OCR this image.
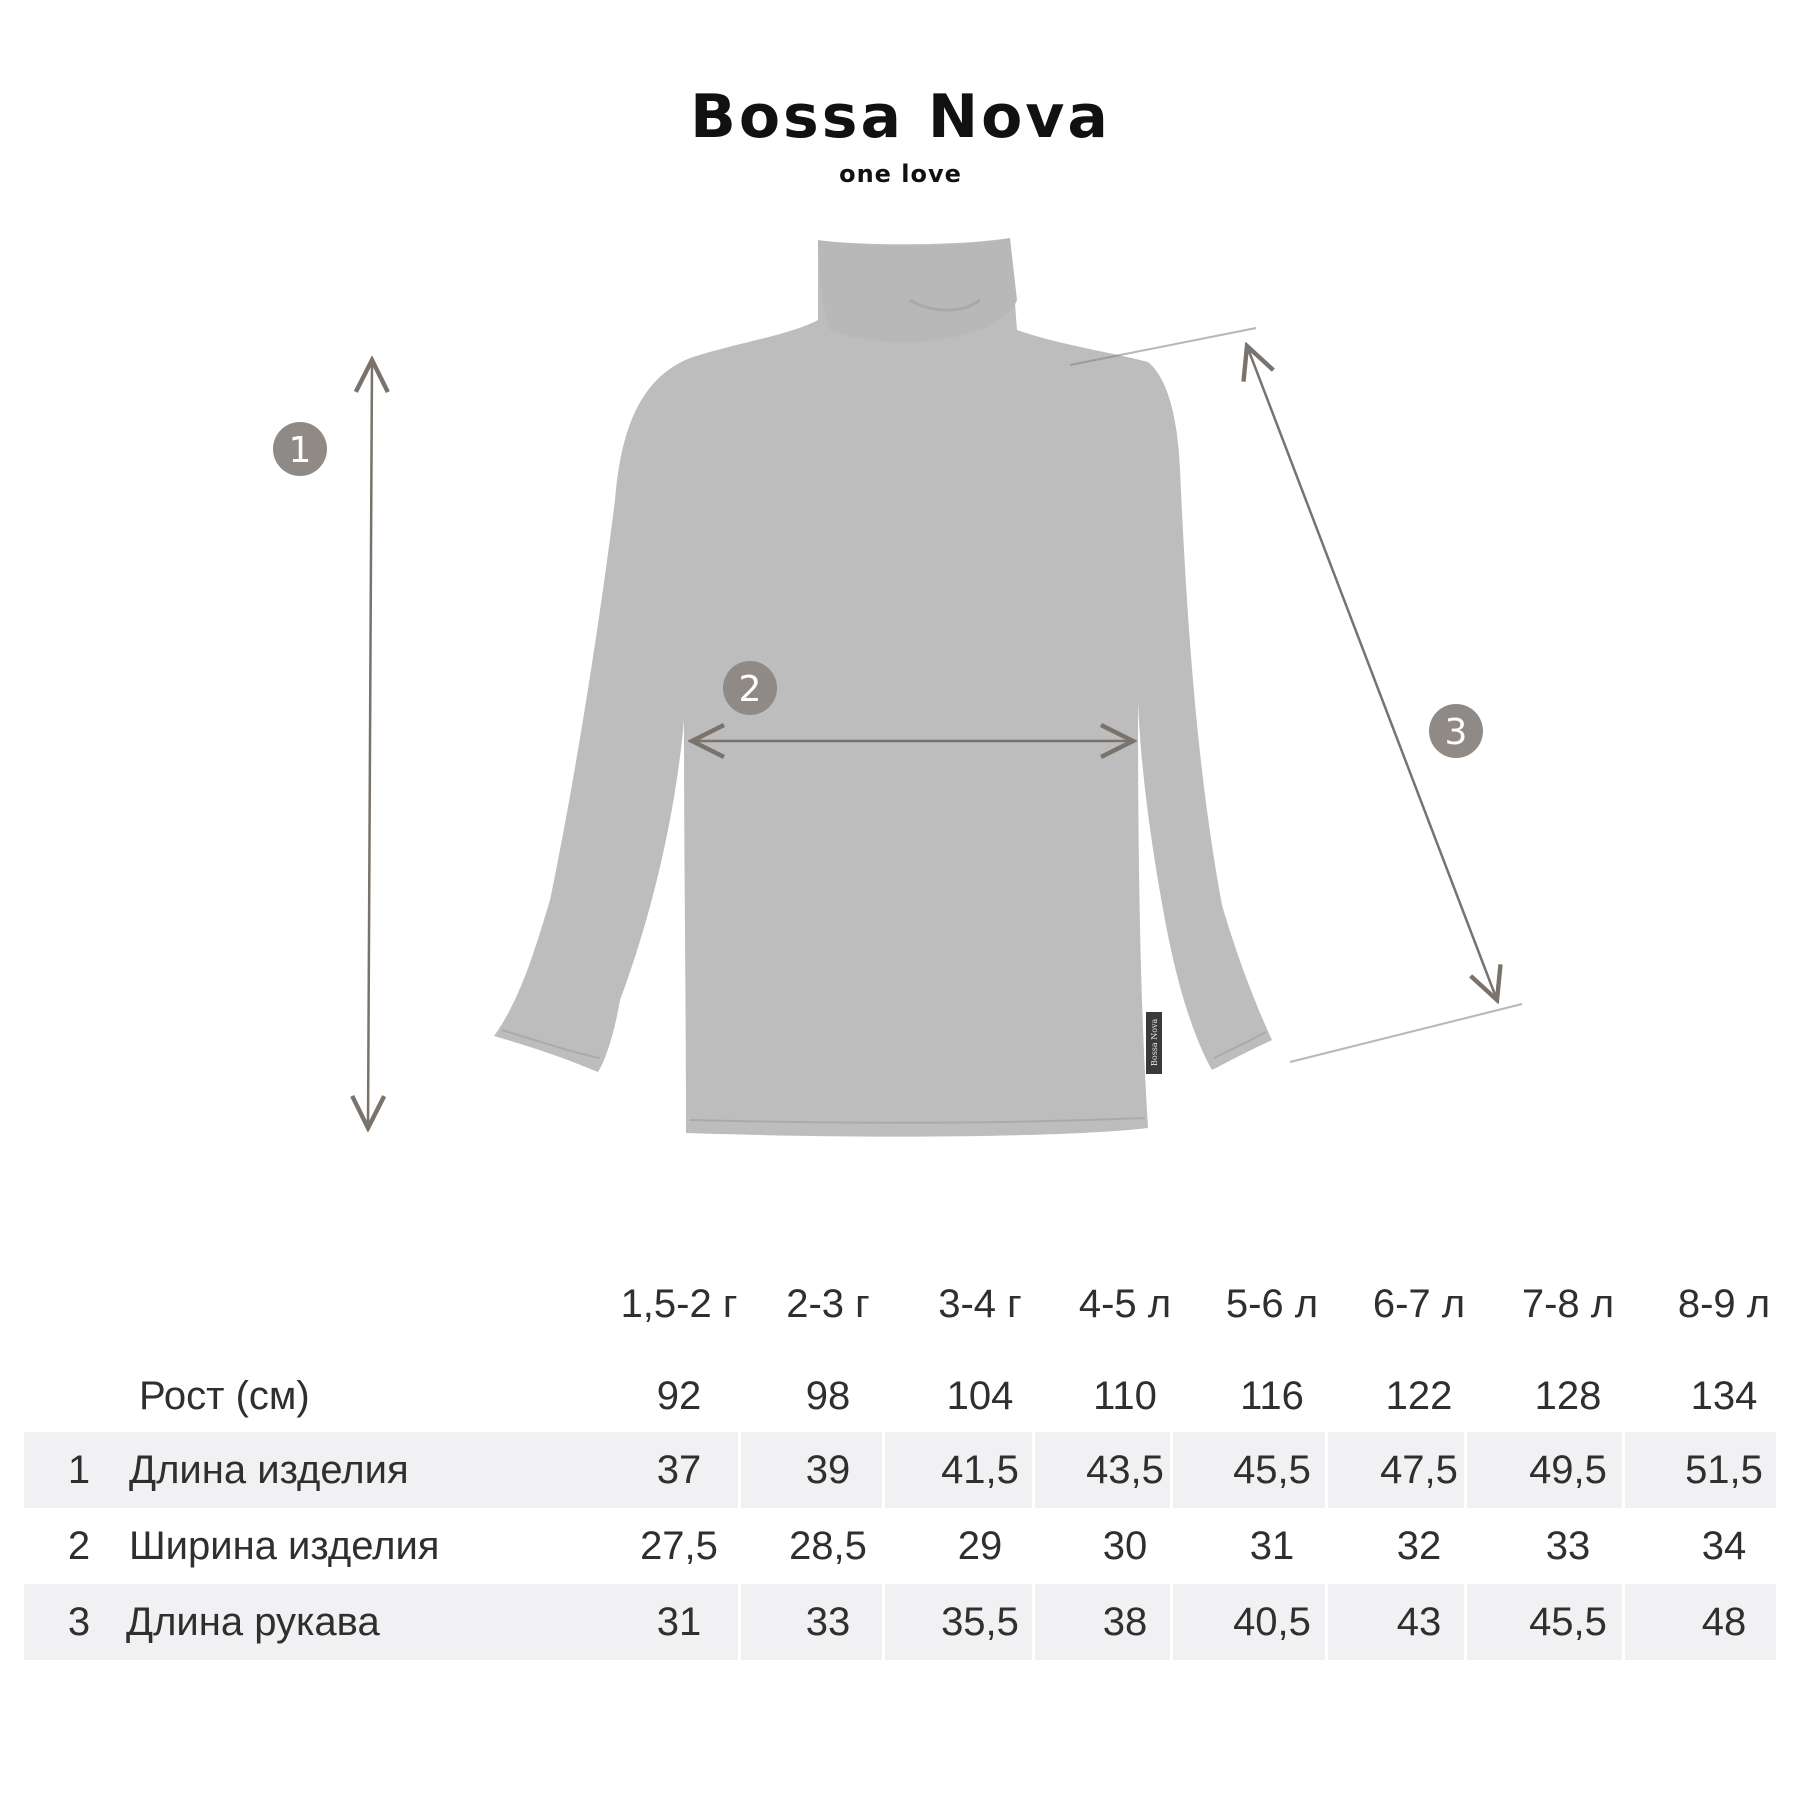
Bossa Nova
one love
Bossa Nova
1
2
3
1,5-2 г	2-3 г	3-4 г	4-5 л	5-6 л	6-7 л	7-8 л	8-9 л
Рост (см)	92	98	104	110	116	122	128	134
1 Длина изделия	37	39	41,5	43,5	45,5	47,5	49,5	51,5
2 Ширина изделия	27,5	28,5	29	30	31	32	33	34
3 Длина рукава	31	33	35,5	38	40,5	43	45,5	48
